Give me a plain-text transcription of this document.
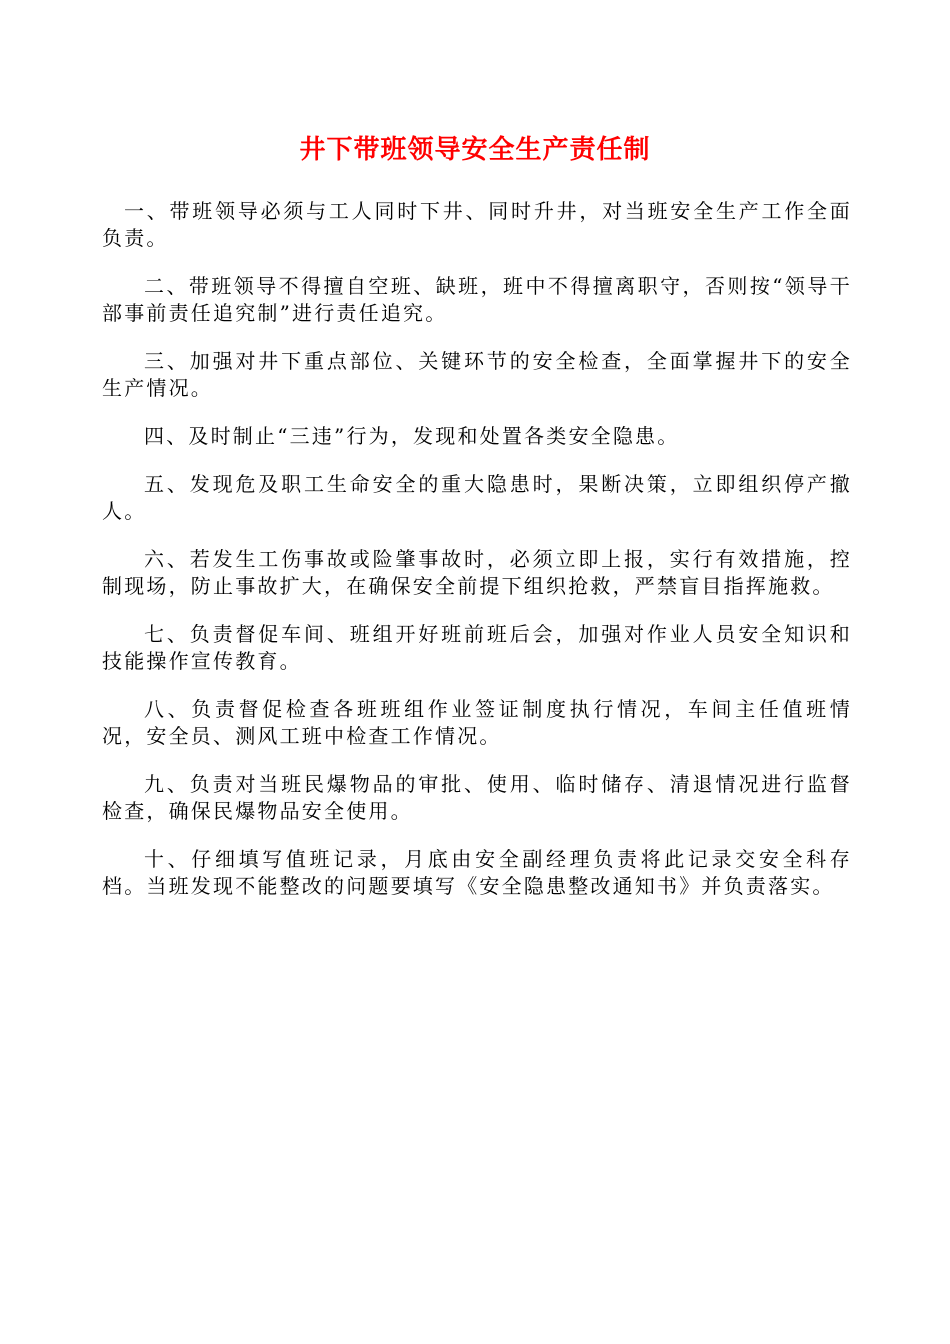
井下带班领导安全生产责任制

一、带班领导必须与工人同时下井、同时升井，对当班安全生产工作全面负责。

二、带班领导不得擅自空班、缺班，班中不得擅离职守，否则按“领导干部事前责任追究制”进行责任追究。

三、加强对井下重点部位、关键环节的安全检查，全面掌握井下的安全生产情况。

四、及时制止“三违”行为，发现和处置各类安全隐患。

五、发现危及职工生命安全的重大隐患时，果断决策，立即组织停产撤人。

六、若发生工伤事故或险肇事故时，必须立即上报，实行有效措施，控制现场，防止事故扩大，在确保安全前提下组织抢救，严禁盲目指挥施救。

七、负责督促车间、班组开好班前班后会，加强对作业人员安全知识和技能操作宣传教育。

八、负责督促检查各班班组作业签证制度执行情况，车间主任值班情况，安全员、测风工班中检查工作情况。

九、负责对当班民爆物品的审批、使用、临时储存、清退情况进行监督检查，确保民爆物品安全使用。

十、仔细填写值班记录，月底由安全副经理负责将此记录交安全科存档。当班发现不能整改的问题要填写《安全隐患整改通知书》并负责落实。
